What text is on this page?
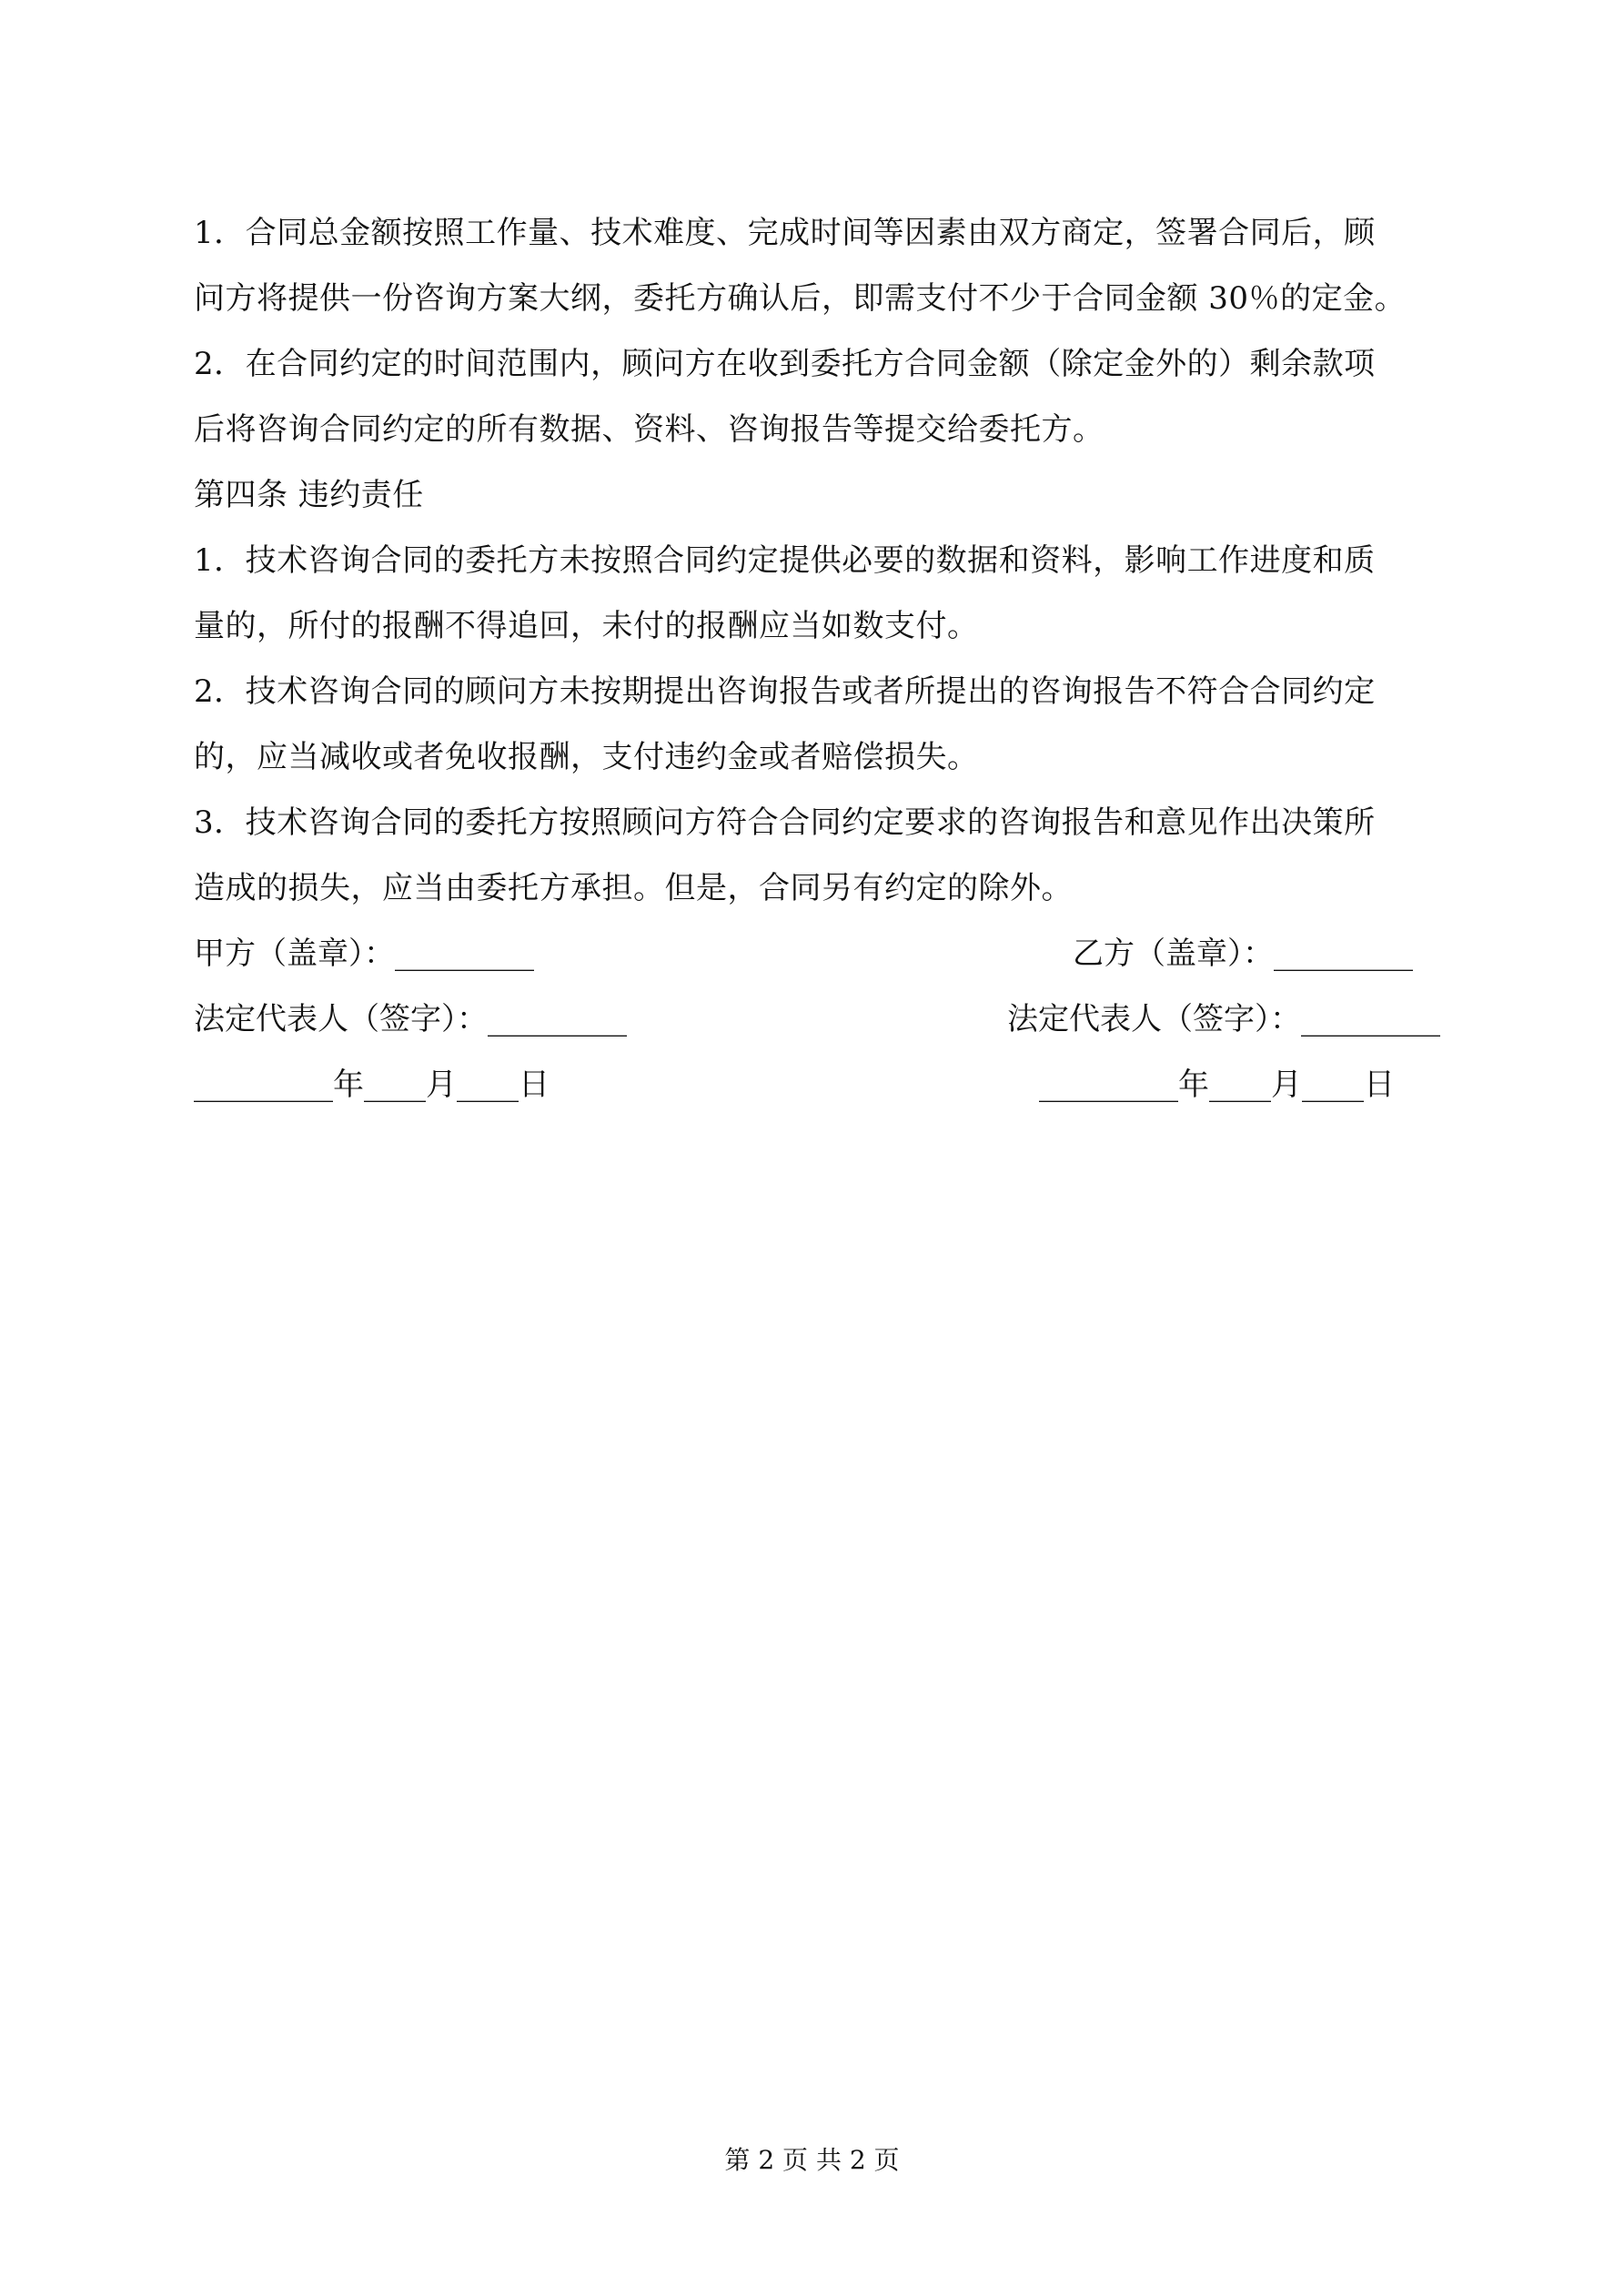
1．合同总金额按照工作量、技术难度、完成时间等因素由双方商定，签署合同后，顾
问方将提供一份咨询方案大纲，委托方确认后，即需支付不少于合同金额 30％的定金。
2．在合同约定的时间范围内，顾问方在收到委托方合同金额（除定金外的）剩余款项
后将咨询合同约定的所有数据、资料、咨询报告等提交给委托方。
第四条 违约责任
1．技术咨询合同的委托方未按照合同约定提供必要的数据和资料，影响工作进度和质
量的，所付的报酬不得追回，未付的报酬应当如数支付。
2．技术咨询合同的顾问方未按期提出咨询报告或者所提出的咨询报告不符合合同约定
的，应当减收或者免收报酬，支付违约金或者赔偿损失。
3．技术咨询合同的委托方按照顾问方符合合同约定要求的咨询报告和意见作出决策所
造成的损失，应当由委托方承担。但是，合同另有约定的除外。
甲方（盖章）：_________	乙方（盖章）：_________
法定代表人（签字）：_________	法定代表人（签字）：_________
_________年____月____日	_________年____月____日
第 2 页 共 2 页
